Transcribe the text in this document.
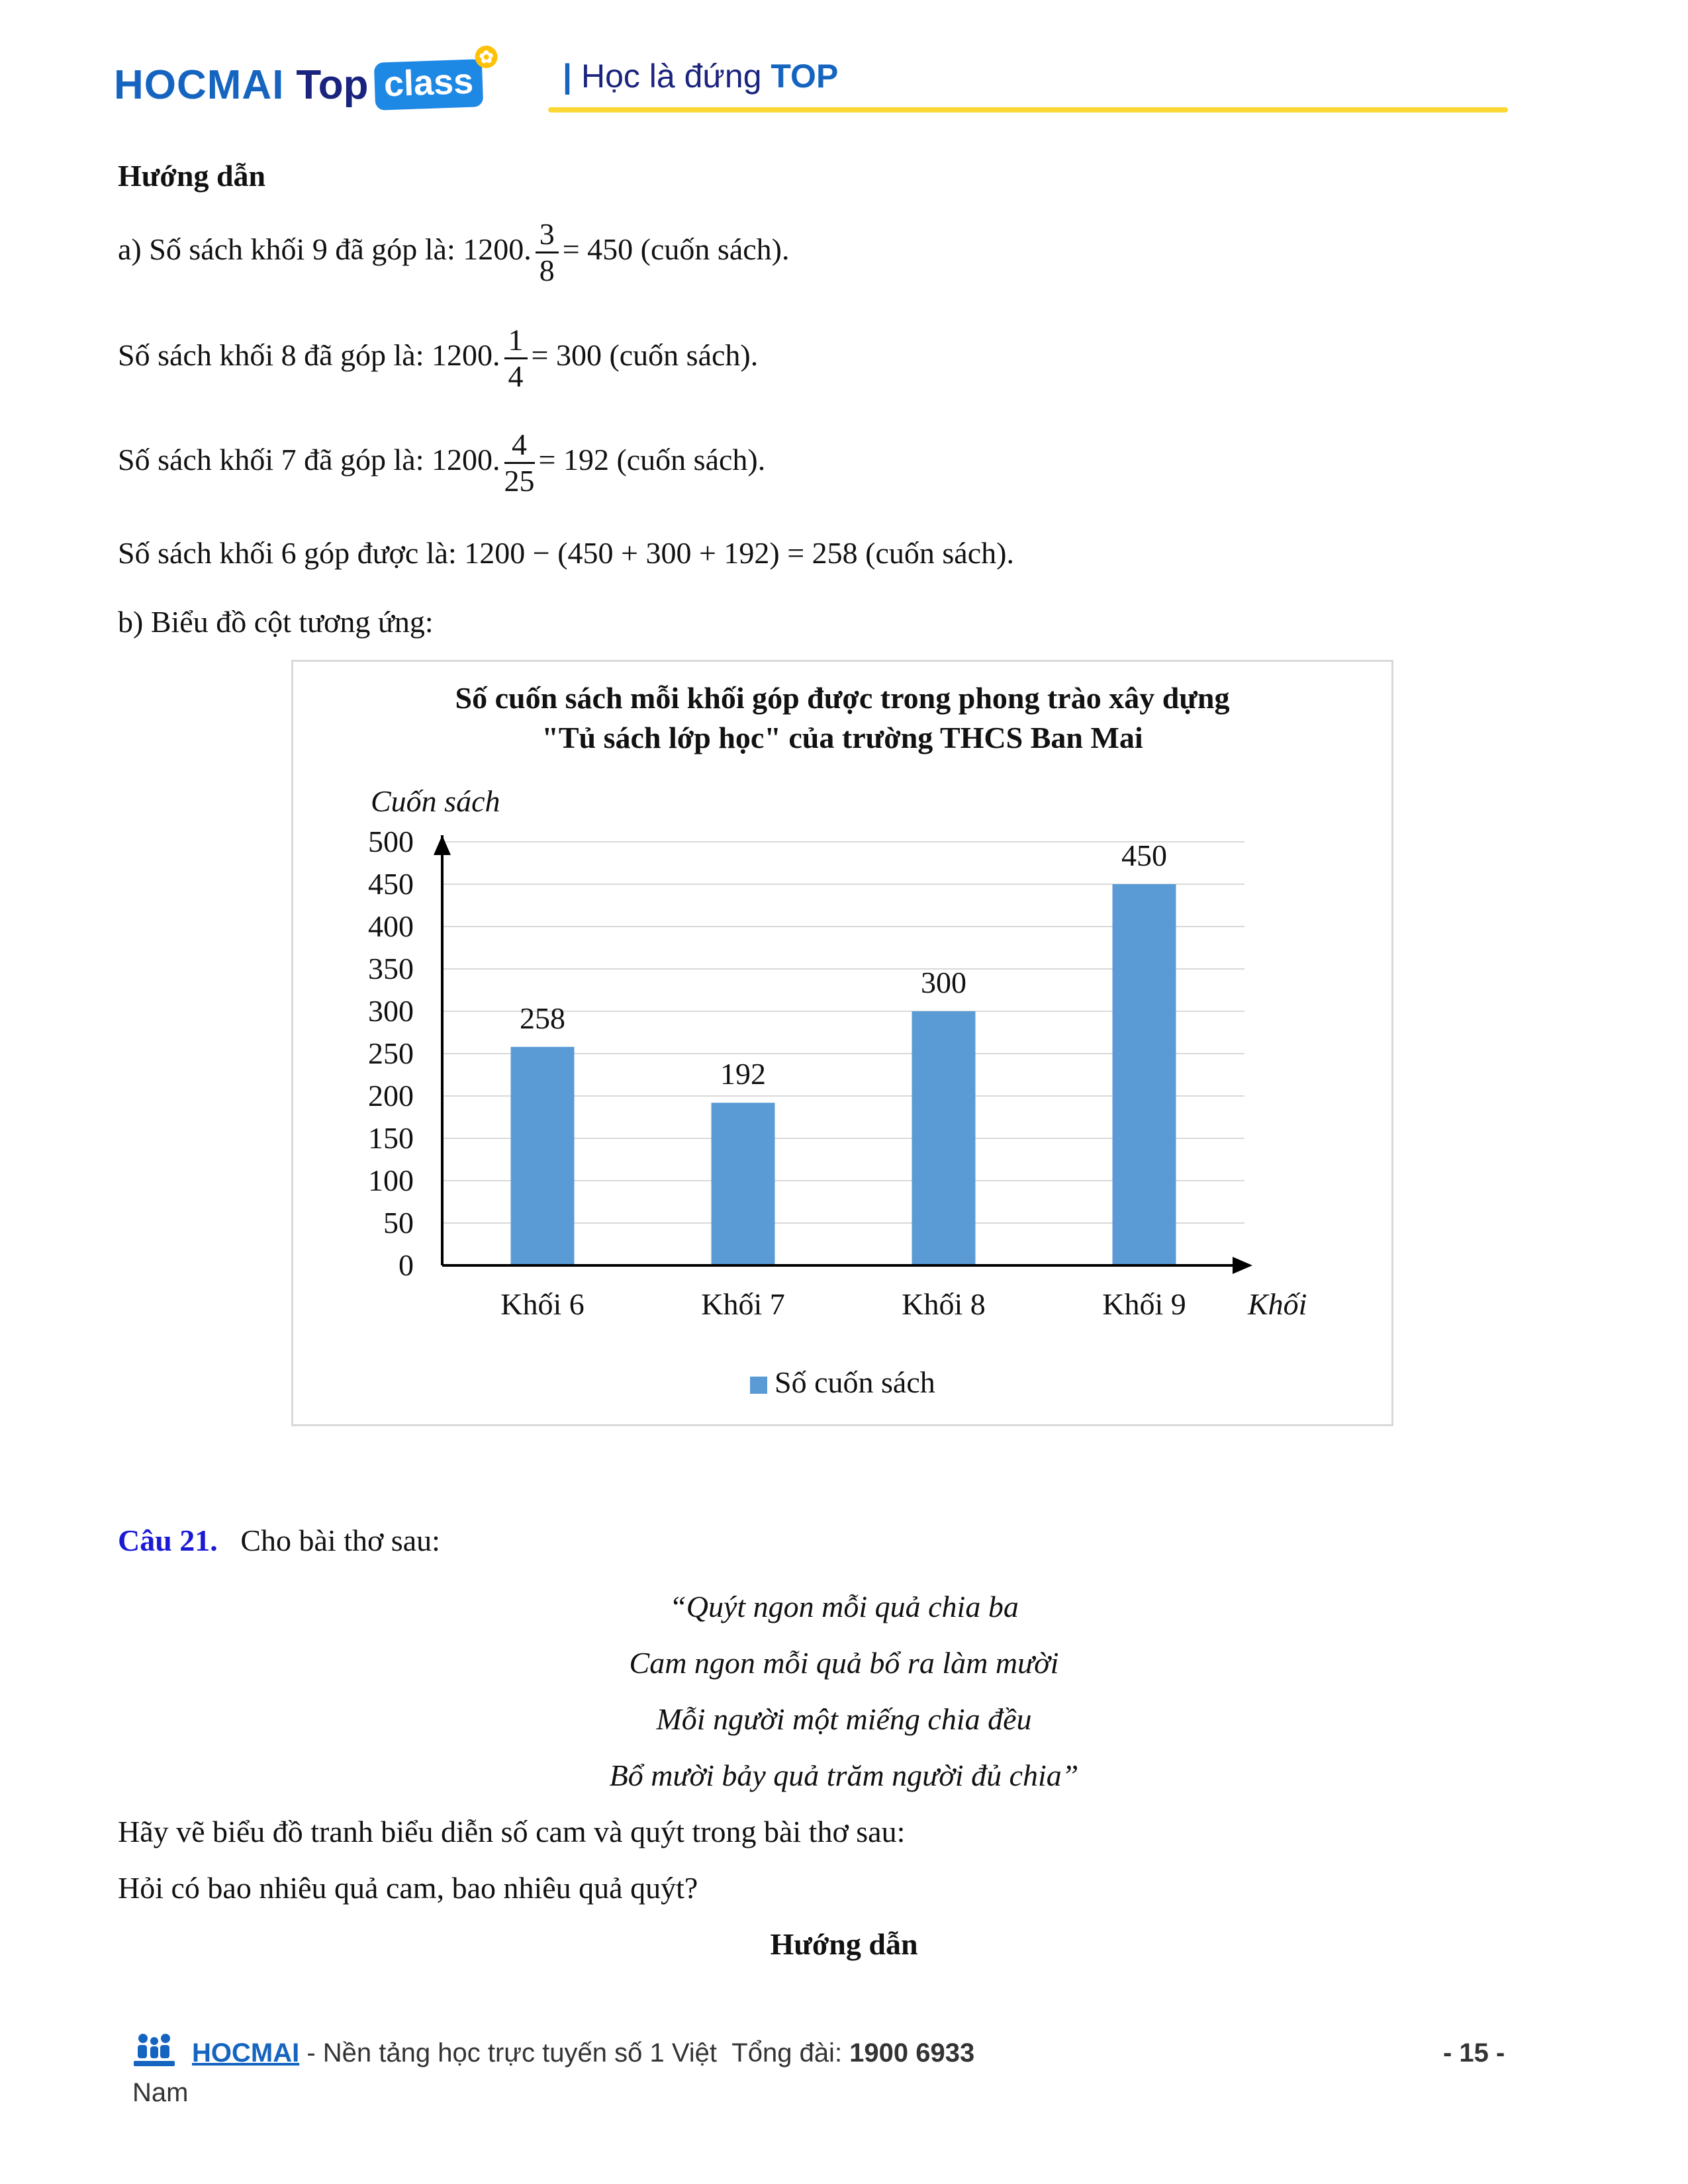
HOCMAI Top class
✿
| Học là đứng TOP
Hướng dẫn
a) Số sách khối 9 đã góp là: 1200. $\frac{3}{8} = 450$ (cuốn sách).
Số sách khối 8 đã góp là: 1200. $\frac{1}{4} = 300$ (cuốn sách).
Số sách khối 7 đã góp là: 1200. $\frac{4}{25} = 192$ (cuốn sách).
Số sách khối 6 góp được là: 1200 − (450 + 300 + 192) = 258 (cuốn sách).
b) Biểu đồ cột tương ứng:
Số cuốn sách mỗi khối góp được trong phong trào xây dựng
"Tủ sách lớp học" của trường THCS Ban Mai
0
50
100
150
200
250
300
350
400
450
500
258
Khối 6
192
Khối 7
300
Khối 8
450
Khối 9
Cuốn sách
Khối
Số cuốn sách
Câu 21. Cho bài thơ sau:
“Quýt ngon mỗi quả chia ba
Cam ngon mỗi quả bổ ra làm mười
Mỗi người một miếng chia đều
Bổ mười bảy quả trăm người đủ chia”
Hãy vẽ biểu đồ tranh biểu diễn số cam và quýt trong bài thơ sau:
Hỏi có bao nhiêu quả cam, bao nhiêu quả quýt?
Hướng dẫn
HOCMAI - Nền tảng học trực tuyến số 1 Việt Tổng đài: 1900 6933	- 15 -
Nam
